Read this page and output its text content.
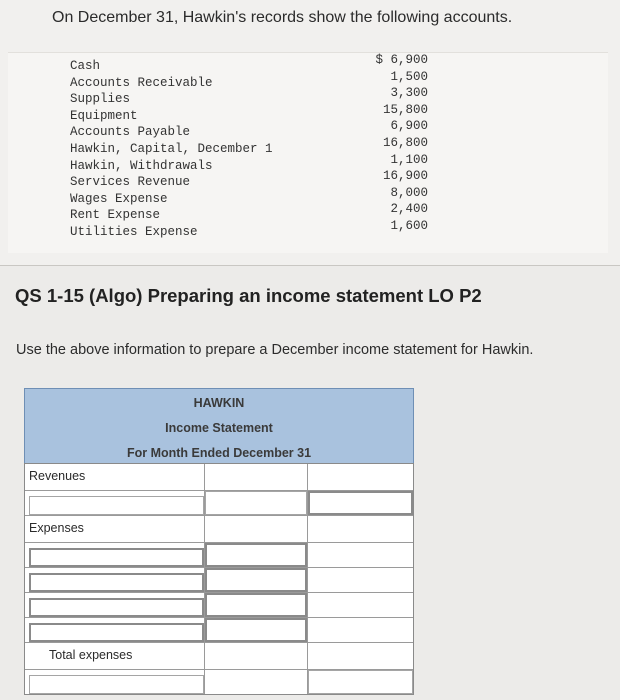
On December 31, Hawkin's records show the following accounts.
Cash
Accounts Receivable
Supplies
Equipment
Accounts Payable
Hawkin, Capital, December 1
Hawkin, Withdrawals
Services Revenue
Wages Expense
Rent Expense
Utilities Expense
$ 6,900
1,500
3,300
15,800
6,900
16,800
1,100
16,900
8,000
2,400
1,600
QS 1-15 (Algo) Preparing an income statement LO P2
Use the above information to prepare a December income statement for Hawkin.
HAWKIN
Income Statement
For Month Ended December 31
Revenues
Expenses
Total expenses
